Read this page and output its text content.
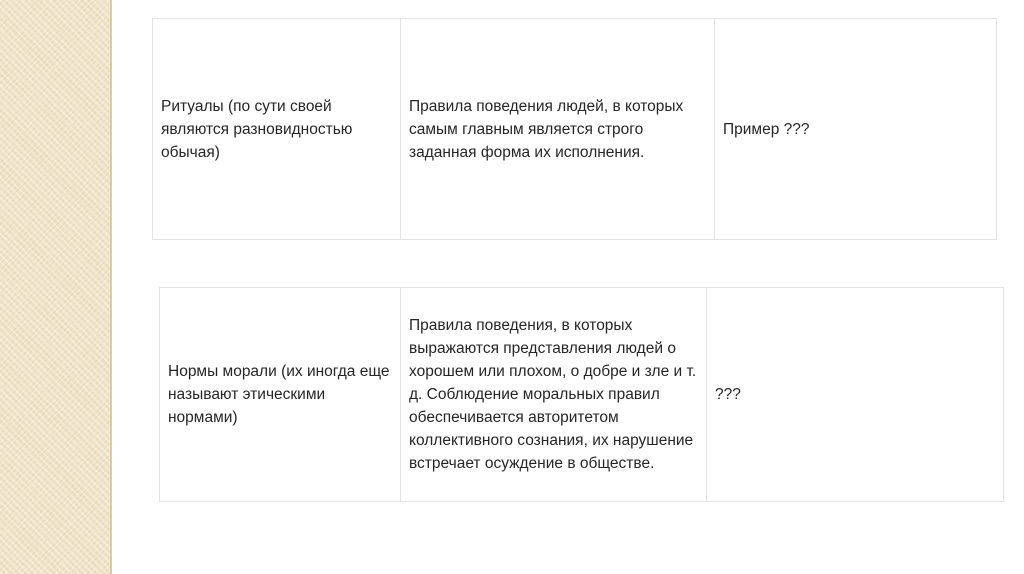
Ритуалы (по сути своей являются разновидностью обычая)	Правила поведения людей, в которых самым главным является строго заданная форма их исполнения.	Пример ???
Нормы морали (их иногда еще называют этическими нормами)	Правила поведения, в которых выражаются представления людей о хорошем или плохом, о добре и зле и т. д. Соблюдение моральных правил обеспечивается авторитетом коллективного сознания, их нарушение встречает осуждение в обществе.	???
